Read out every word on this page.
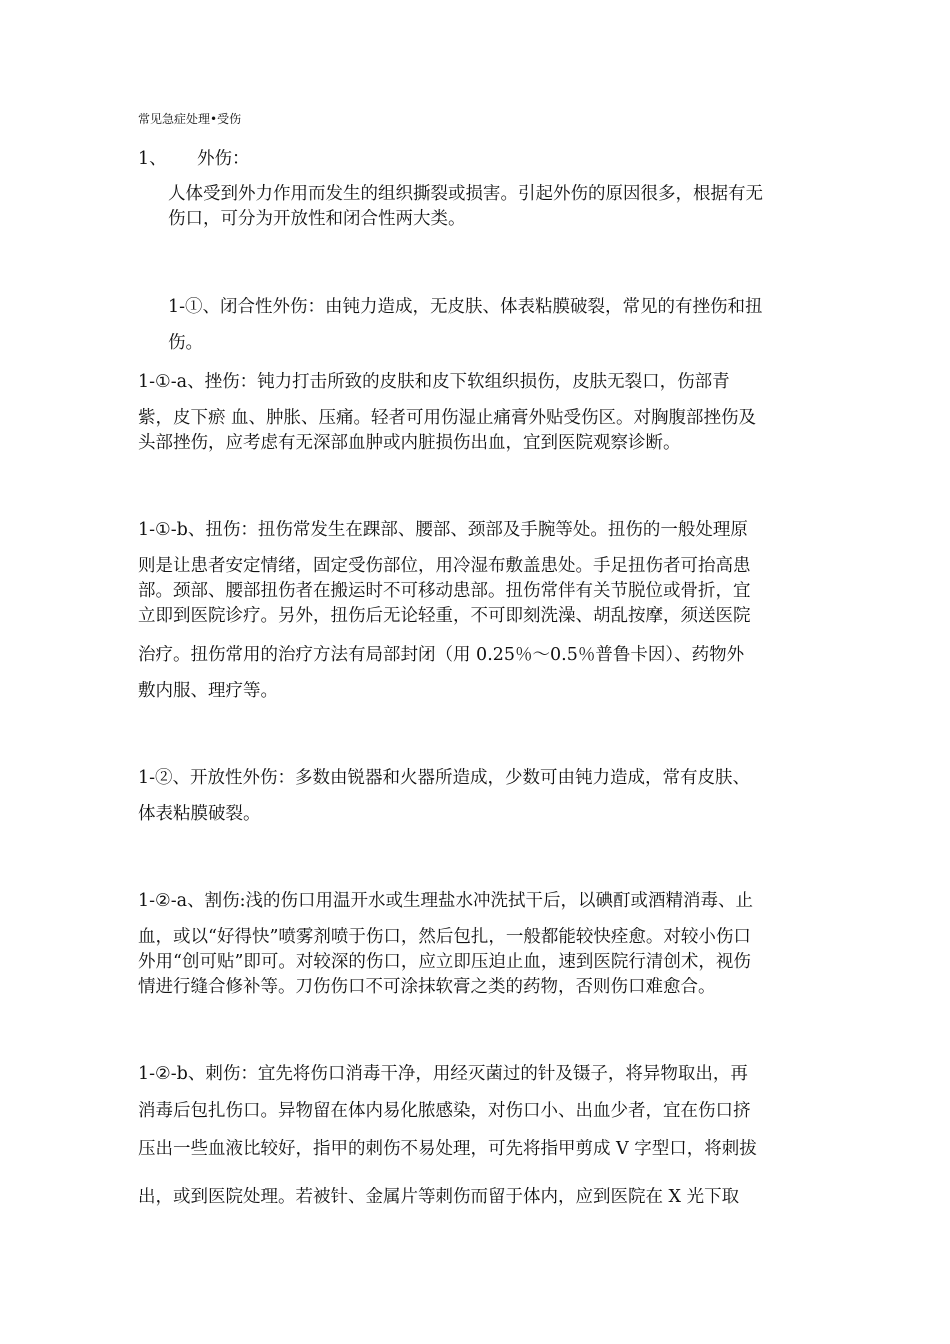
常见急症处理•受伤
1、 外伤：
人体受到外力作用而发生的组织撕裂或损害。引起外伤的原因很多，根据有无
伤口，可分为开放性和闭合性两大类。
1-①、闭合性外伤：由钝力造成，无皮肤、体表粘膜破裂，常见的有挫伤和扭
伤。
1-①-a、挫伤：钝力打击所致的皮肤和皮下软组织损伤，皮肤无裂口，伤部青
紫，皮下瘀 血、肿胀、压痛。轻者可用伤湿止痛膏外贴受伤区。对胸腹部挫伤及
头部挫伤，应考虑有无深部血肿或内脏损伤出血，宜到医院观察诊断。
1-①-b、扭伤：扭伤常发生在踝部、腰部、颈部及手腕等处。扭伤的一般处理原
则是让患者安定情绪，固定受伤部位，用冷湿布敷盖患处。手足扭伤者可抬高患
部。颈部、腰部扭伤者在搬运时不可移动患部。扭伤常伴有关节脱位或骨折，宜
立即到医院诊疗。另外，扭伤后无论轻重，不可即刻洗澡、胡乱按摩，须送医院
治疗。扭伤常用的治疗方法有局部封闭（用 0.25％～0.5％普鲁卡因）、药物外
敷内服、理疗等。
1-②、开放性外伤：多数由锐器和火器所造成，少数可由钝力造成，常有皮肤、
体表粘膜破裂。
1-②-a、割伤:浅的伤口用温开水或生理盐水冲洗拭干后，以碘酊或酒精消毒、止
血，或以“好得快”喷雾剂喷于伤口，然后包扎，一般都能较快痊愈。对较小伤口
外用“创可贴”即可。对较深的伤口，应立即压迫止血，速到医院行清创术，视伤
情进行缝合修补等。刀伤伤口不可涂抹软膏之类的药物，否则伤口难愈合。
1-②-b、刺伤：宜先将伤口消毒干净，用经灭菌过的针及镊子，将异物取出，再
消毒后包扎伤口。异物留在体内易化脓感染，对伤口小、出血少者，宜在伤口挤
压出一些血液比较好，指甲的刺伤不易处理，可先将指甲剪成 V 字型口，将刺拔
出，或到医院处理。若被针、金属片等刺伤而留于体内，应到医院在 X 光下取
